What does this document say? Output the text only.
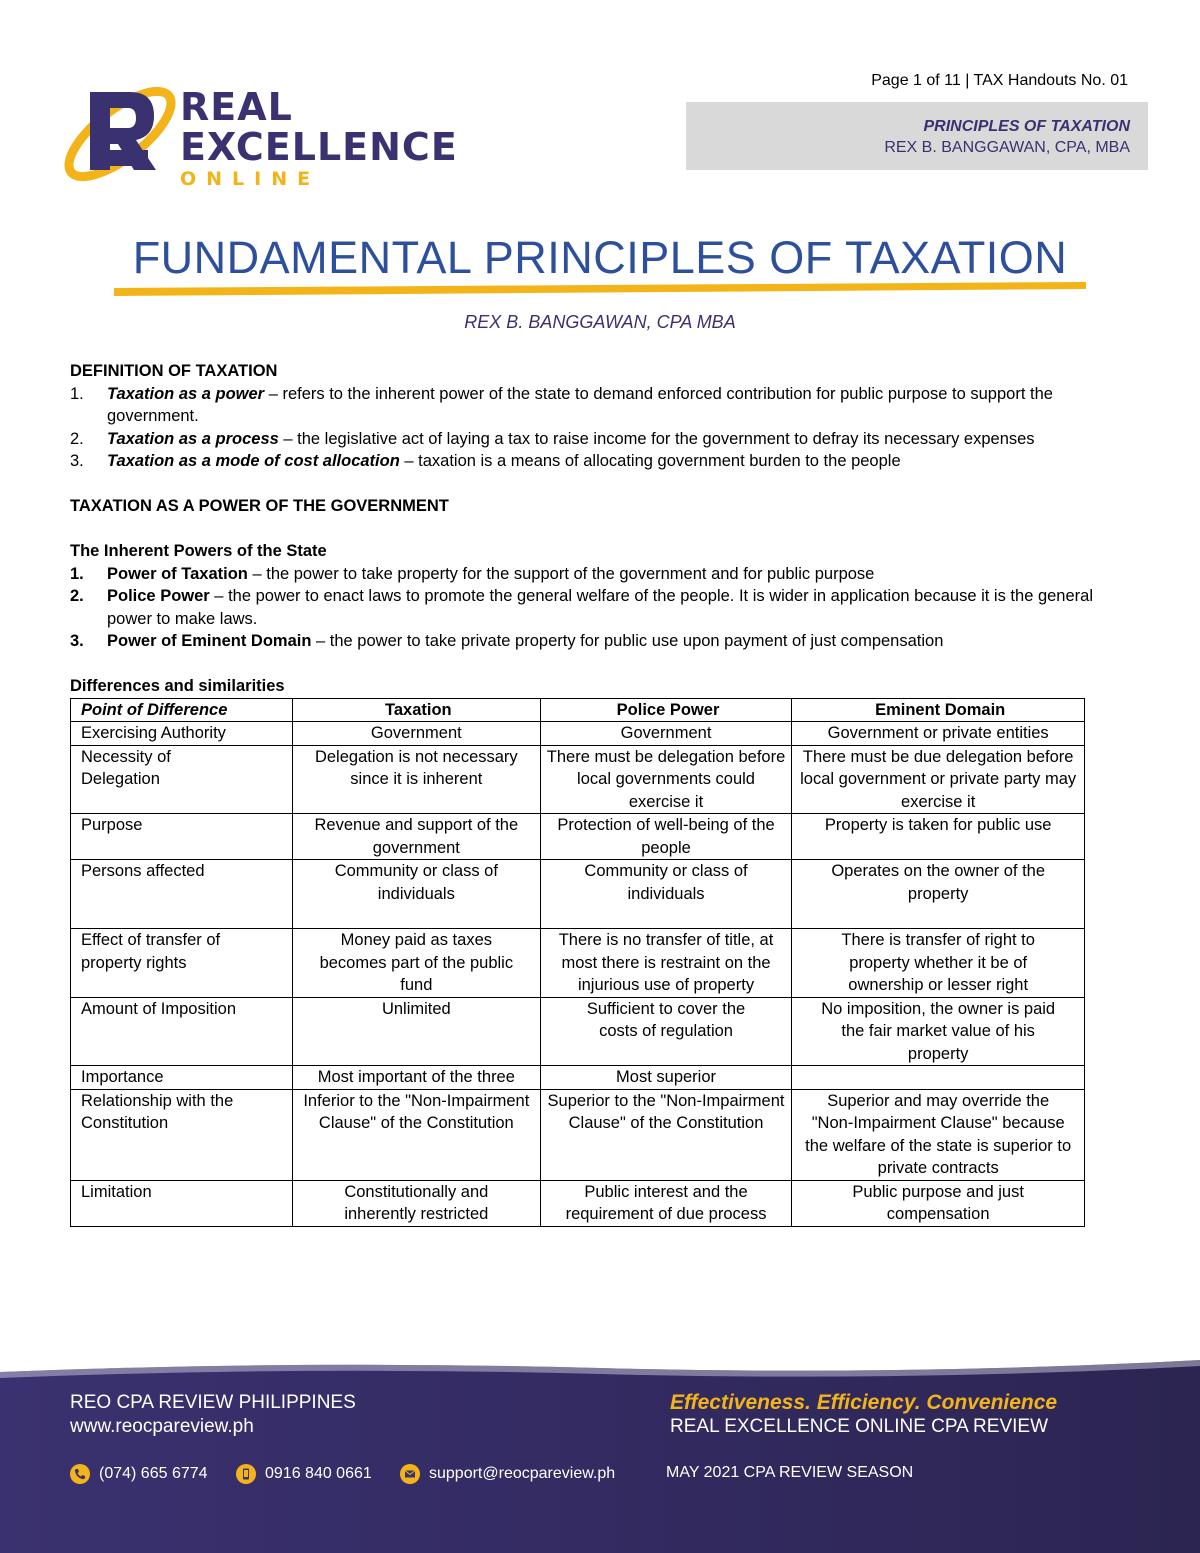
REAL
EXCELLENCE
ONLINE
Page 1 of 11 | TAX Handouts No. 01
PRINCIPLES OF TAXATION
REX B. BANGGAWAN, CPA, MBA
FUNDAMENTAL PRINCIPLES OF TAXATION
REX B. BANGGAWAN, CPA MBA
DEFINITION OF TAXATION
1. Taxation as a power – refers to the inherent power of the state to demand enforced contribution for public purpose to support the government.
2. Taxation as a process – the legislative act of laying a tax to raise income for the government to defray its necessary expenses
3. Taxation as a mode of cost allocation – taxation is a means of allocating government burden to the people
TAXATION AS A POWER OF THE GOVERNMENT
The Inherent Powers of the State
1. Power of Taxation – the power to take property for the support of the government and for public purpose
2. Police Power – the power to enact laws to promote the general welfare of the people. It is wider in application because it is the general power to make laws.
3. Power of Eminent Domain – the power to take private property for public use upon payment of just compensation
Differences and similarities
Point of Difference	Taxation	Police Power	Eminent Domain
Exercising Authority	Government	Government	Government or private entities
Necessity of Delegation	Delegation is not necessary since it is inherent	There must be delegation before local governments could exercise it	There must be due delegation before local government or private party may exercise it
Purpose	Revenue and support of the government	Protection of well-being of the people	Property is taken for public use
Persons affected	Community or class of individuals	Community or class of individuals	Operates on the owner of the property
Effect of transfer of property rights	Money paid as taxes becomes part of the public fund	There is no transfer of title, at most there is restraint on the injurious use of property	There is transfer of right to property whether it be of ownership or lesser right
Amount of Imposition	Unlimited	Sufficient to cover the costs of regulation	No imposition, the owner is paid the fair market value of his property
Importance	Most important of the three	Most superior	
Relationship with the Constitution	Inferior to the "Non-Impairment Clause" of the Constitution	Superior to the "Non-Impairment Clause" of the Constitution	Superior and may override the "Non-Impairment Clause" because the welfare of the state is superior to private contracts
Limitation	Constitutionally and inherently restricted	Public interest and the requirement of due process	Public purpose and just compensation
REO CPA REVIEW PHILIPPINES
www.reocpareview.ph
Effectiveness. Efficiency. Convenience
REAL EXCELLENCE ONLINE CPA REVIEW
(074) 665 6774	0916 840 0661	support@reocpareview.ph	MAY 2021 CPA REVIEW SEASON
